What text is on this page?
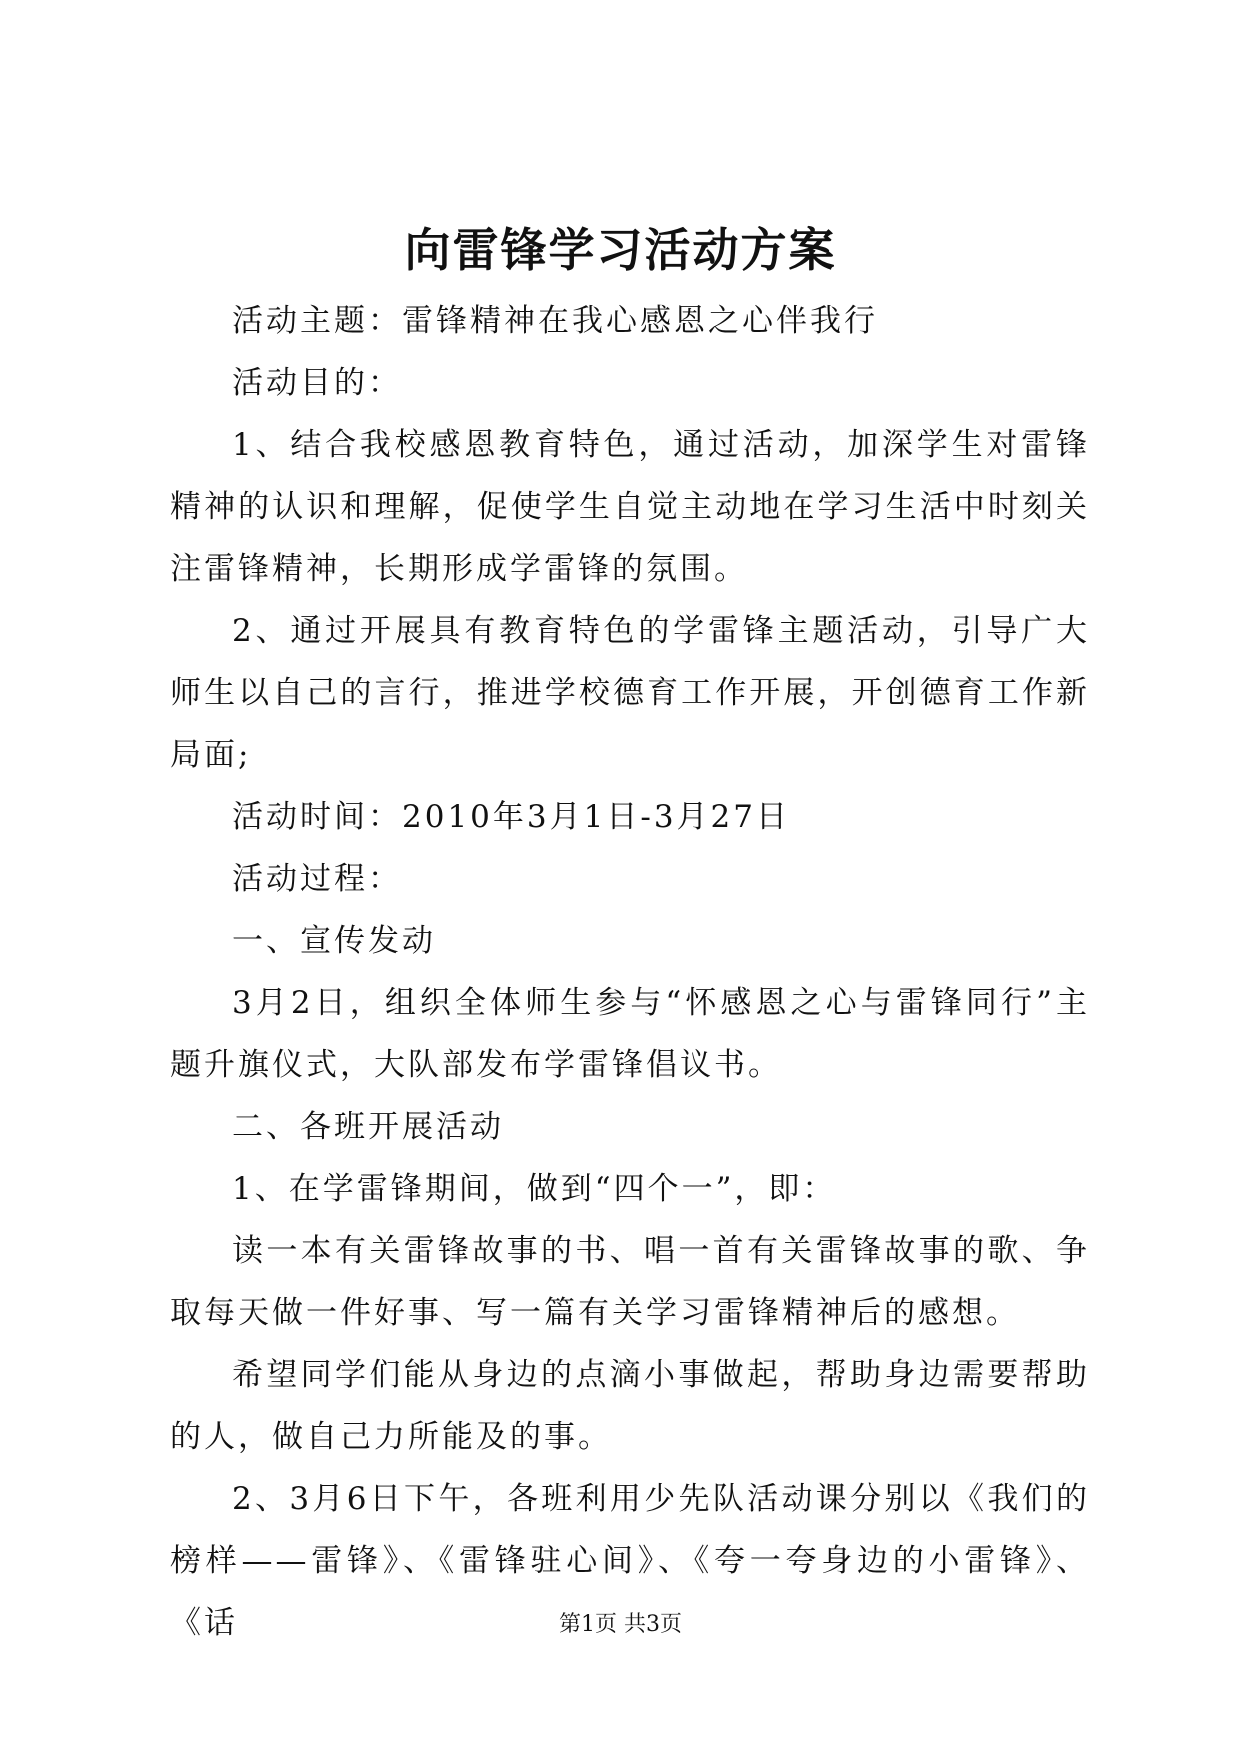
向雷锋学习活动方案

活动主题：雷锋精神在我心感恩之心伴我行

活动目的：

1、结合我校感恩教育特色，通过活动，加深学生对雷锋精神的认识和理解，促使学生自觉主动地在学习生活中时刻关注雷锋精神，长期形成学雷锋的氛围。

2、通过开展具有教育特色的学雷锋主题活动，引导广大师生以自己的言行，推进学校德育工作开展，开创德育工作新局面;

活动时间：2010年3月1日-3月27日

活动过程：

一、宣传发动

3月2日，组织全体师生参与“怀感恩之心与雷锋同行”主题升旗仪式，大队部发布学雷锋倡议书。

二、各班开展活动

1、在学雷锋期间，做到“四个一”，即：

读一本有关雷锋故事的书、唱一首有关雷锋故事的歌、争取每天做一件好事、写一篇有关学习雷锋精神后的感想。

希望同学们能从身边的点滴小事做起，帮助身边需要帮助的人，做自己力所能及的事。

2、3月6日下午，各班利用少先队活动课分别以《我们的榜样——雷锋》、《雷锋驻心间》、《夸一夸身边的小雷锋》、《话	第1页 共3页
